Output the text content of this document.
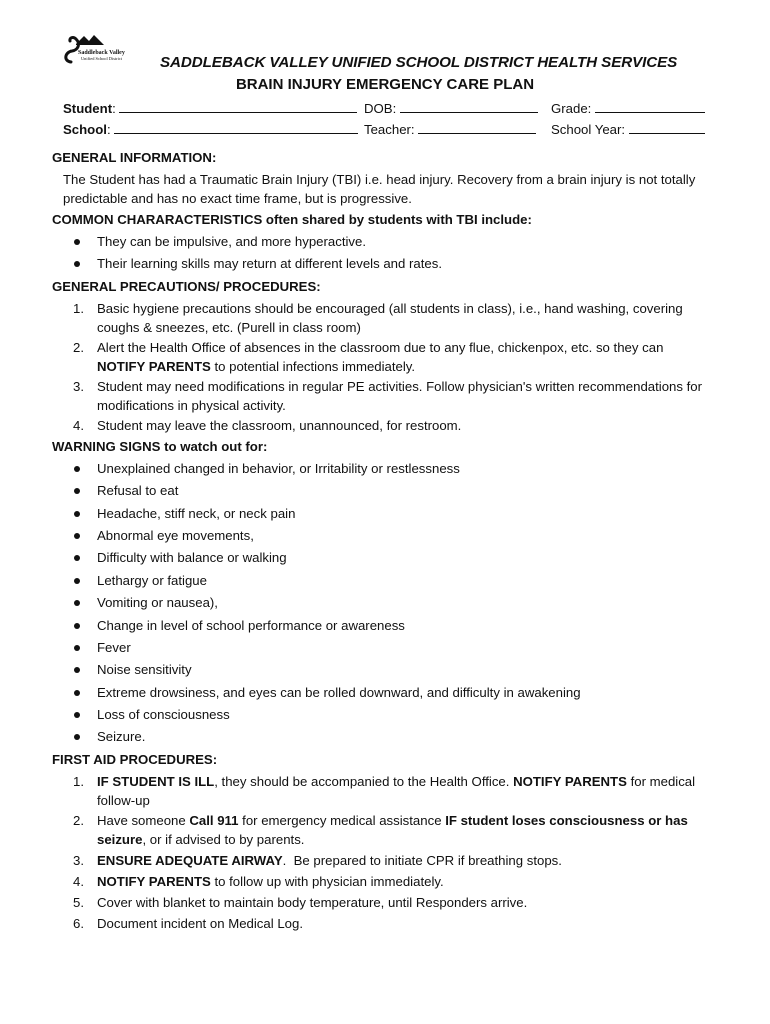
Saddleback Valley
Unified School District	SADDLEBACK VALLEY UNIFIED SCHOOL DISTRICT HEALTH SERVICES
BRAIN INJURY EMERGENCY CARE PLAN
Student:	DOB:	Grade:
School:	Teacher:	School Year:
GENERAL INFORMATION:
The Student has had a Traumatic Brain Injury (TBI) i.e. head injury. Recovery from a brain injury is not totally predictable and has no exact time frame, but is progressive.
COMMON CHARARACTERISTICS often shared by students with TBI include:
They can be impulsive, and more hyperactive.
Their learning skills may return at different levels and rates.
GENERAL PRECAUTIONS/ PROCEDURES:
1. Basic hygiene precautions should be encouraged (all students in class), i.e., hand washing, covering coughs & sneezes, etc. (Purell in class room)
2. Alert the Health Office of absences in the classroom due to any flue, chickenpox, etc. so they can NOTIFY PARENTS to potential infections immediately.
3. Student may need modifications in regular PE activities. Follow physician's written recommendations for modifications in physical activity.
4. Student may leave the classroom, unannounced, for restroom.
WARNING SIGNS to watch out for:
Unexplained changed in behavior, or Irritability or restlessness
Refusal to eat
Headache, stiff neck, or neck pain
Abnormal eye movements,
Difficulty with balance or walking
Lethargy or fatigue
Vomiting or nausea),
Change in level of school performance or awareness
Fever
Noise sensitivity
Extreme drowsiness, and eyes can be rolled downward, and difficulty in awakening
Loss of consciousness
Seizure.
FIRST AID PROCEDURES:
1. IF STUDENT IS ILL, they should be accompanied to the Health Office. NOTIFY PARENTS for medical follow-up
2. Have someone Call 911 for emergency medical assistance IF student loses consciousness or has seizure, or if advised to by parents.
3. ENSURE ADEQUATE AIRWAY.  Be prepared to initiate CPR if breathing stops.
4. NOTIFY PARENTS to follow up with physician immediately.
5. Cover with blanket to maintain body temperature, until Responders arrive.
6. Document incident on Medical Log.
